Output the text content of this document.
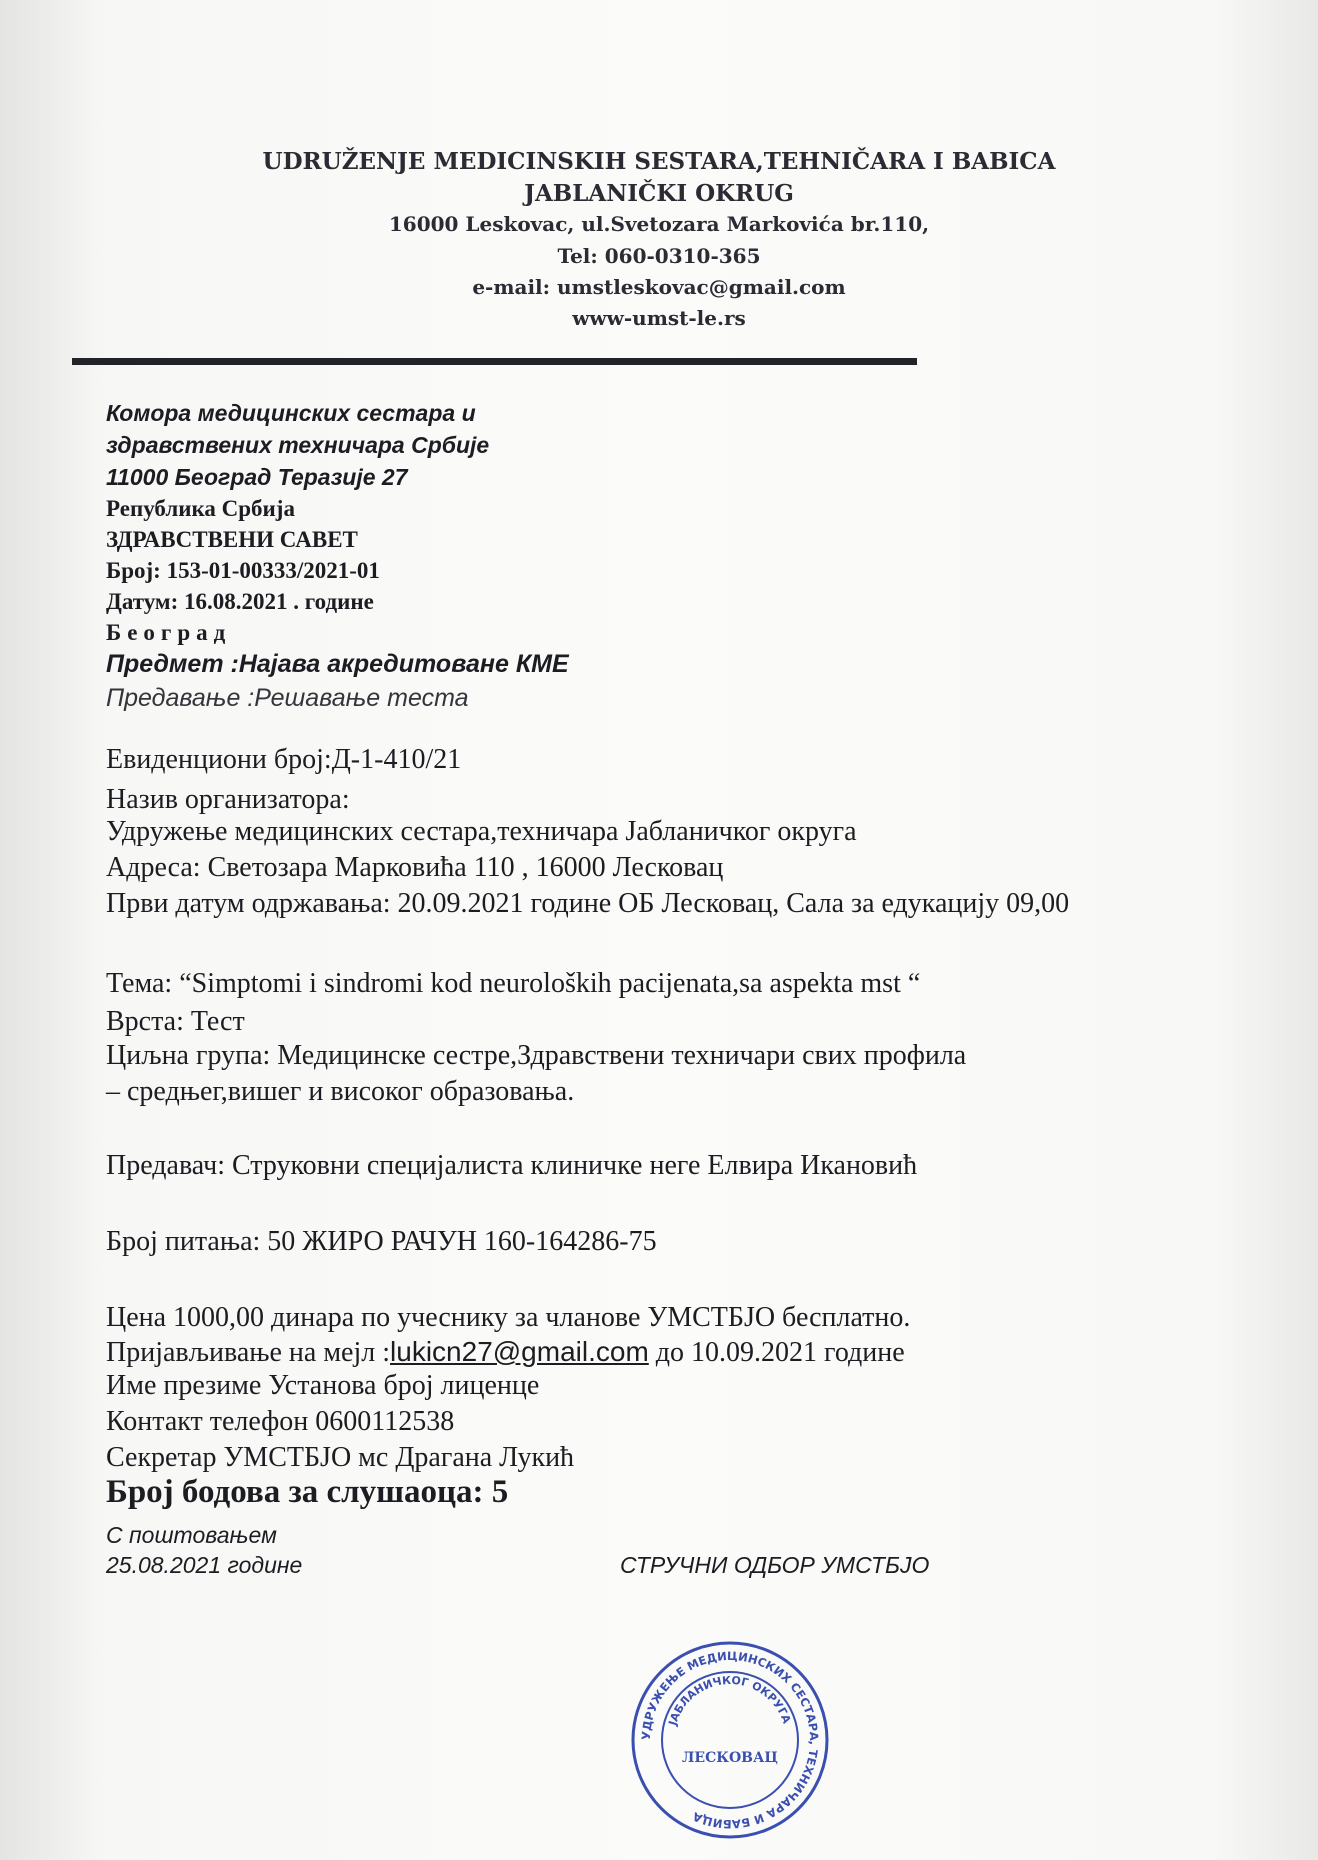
UDRUŽENJE MEDICINSKIH SESTARA,TEHNIČARA I BABICA
JABLANIČKI OKRUG
16000 Leskovac, ul.Svetozara Markovića br.110,
Tel: 060-0310-365
e-mail: umstleskovac@gmail.com
www-umst-le.rs
Комора медицинских сестара и
здравствених техничара Србије
11000 Београд Теразије 27
Република Србија
ЗДРАВСТВЕНИ САВЕТ
Број: 153-01-00333/2021-01
Датум: 16.08.2021 . године
Београд
Предмет :Најава акредитоване КМЕ
Предавање :Решавање теста
Евиденциони број:Д-1-410/21
Назив организатора:
Удружење медицинских сестара,техничара Јабланичког округа
Адреса: Светозара Марковића 110 , 16000 Лесковац
Први датум одржавања: 20.09.2021 године ОБ Лесковац, Сала за едукацију 09,00
Тема: “Simptomi i sindromi kod neuroloških pacijenata,sa aspekta mst “
Врста: Тест
Циљна група: Медицинске сестре,Здравствени техничари свих профила
– средњег,вишег и високог образовања.
Предавач: Струковни специјалиста клиничке неге Елвира Икановић
Број питања: 50 ЖИРО РАЧУН 160-164286-75
Цена 1000,00 динара по учеснику за чланове УМСТБЈО бесплатно.
Пријављивање на мејл :lukicn27@gmail.com до 10.09.2021 године
Име презиме Установа број лиценце
Контакт телефон 0600112538
Секретар УМСТБЈО мс Драгана Лукић
Број бодова за слушаоца: 5
С поштовањем
25.08.2021 године	СТРУЧНИ ОДБОР УМСТБЈО
УДРУЖЕЊЕ МЕДИЦИНСКИХ СЕСТАРА, ТЕХНИЧАРА И БАБИЦА
ЈАБЛАНИЧКОГ ОКРУГА
ЛЕСКОВАЦ
